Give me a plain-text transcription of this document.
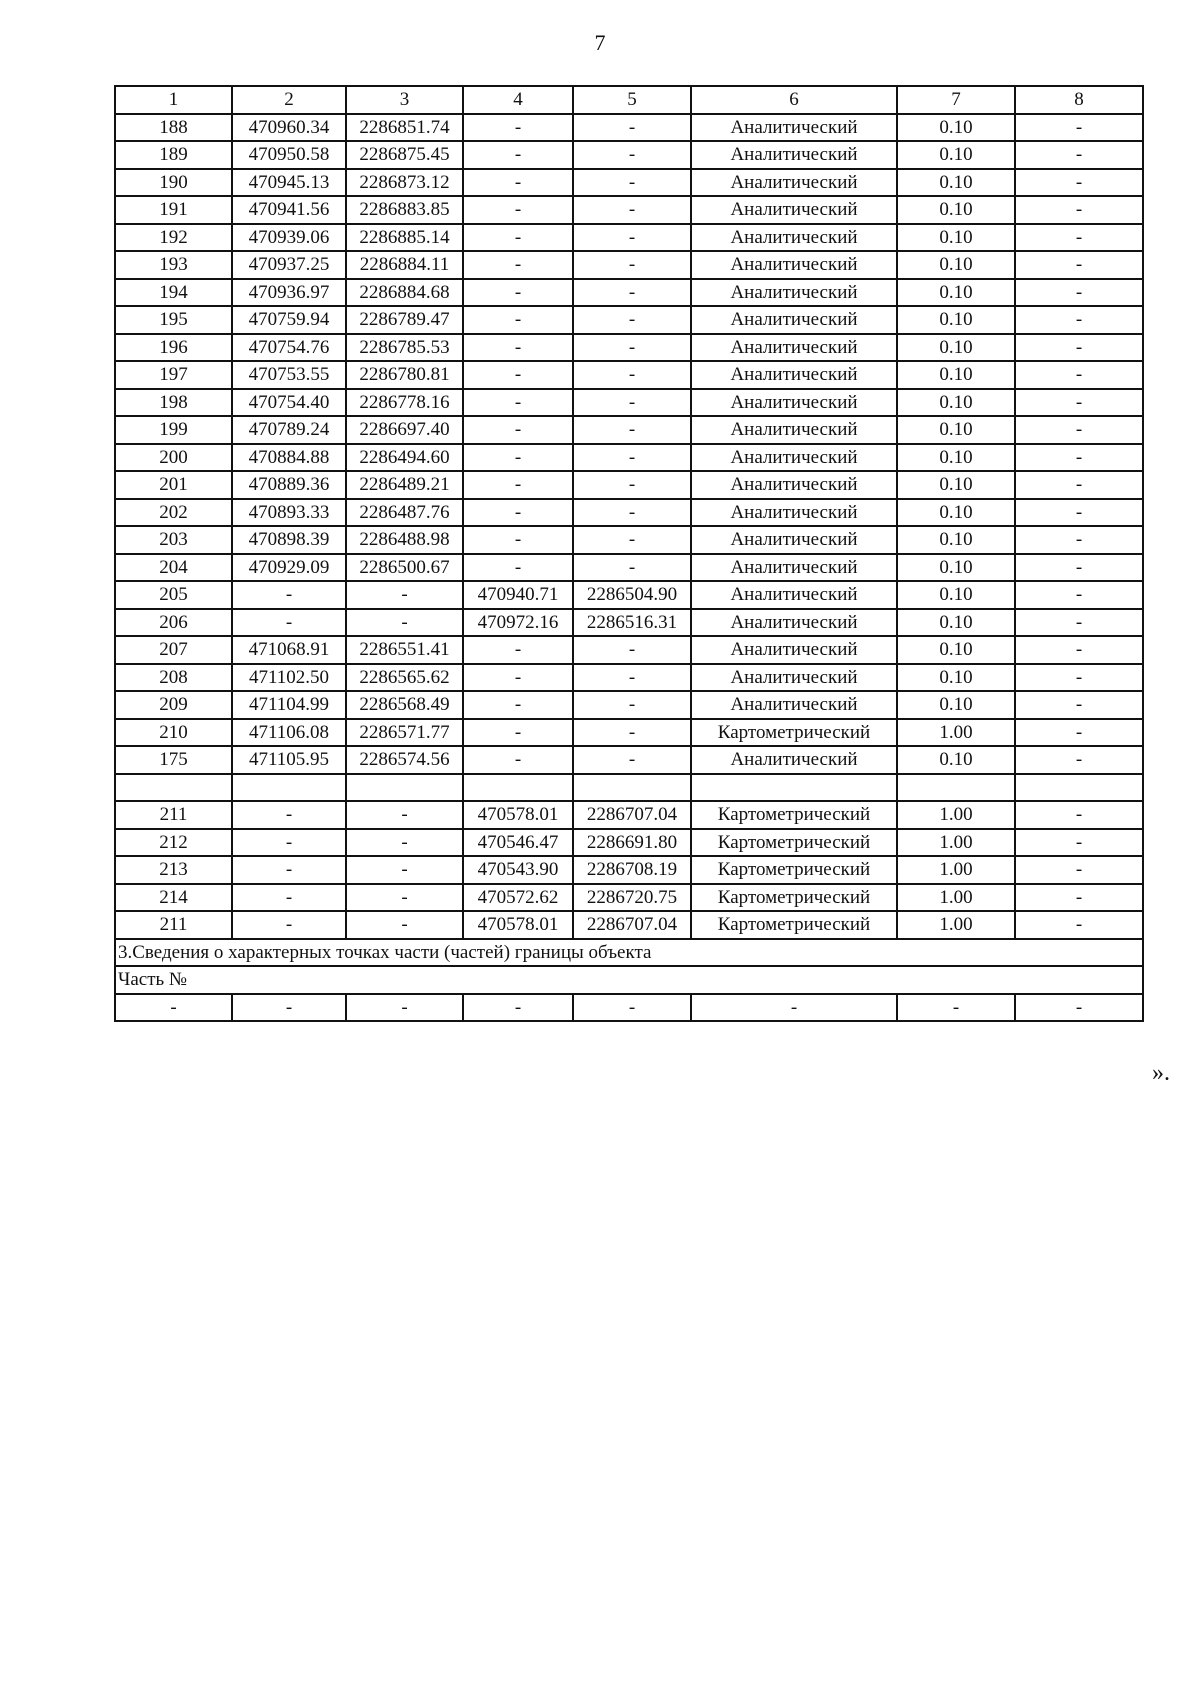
7
1	2	3	4	5	6	7	8
188	470960.34	2286851.74	-	-	Аналитический	0.10	-
189	470950.58	2286875.45	-	-	Аналитический	0.10	-
190	470945.13	2286873.12	-	-	Аналитический	0.10	-
191	470941.56	2286883.85	-	-	Аналитический	0.10	-
192	470939.06	2286885.14	-	-	Аналитический	0.10	-
193	470937.25	2286884.11	-	-	Аналитический	0.10	-
194	470936.97	2286884.68	-	-	Аналитический	0.10	-
195	470759.94	2286789.47	-	-	Аналитический	0.10	-
196	470754.76	2286785.53	-	-	Аналитический	0.10	-
197	470753.55	2286780.81	-	-	Аналитический	0.10	-
198	470754.40	2286778.16	-	-	Аналитический	0.10	-
199	470789.24	2286697.40	-	-	Аналитический	0.10	-
200	470884.88	2286494.60	-	-	Аналитический	0.10	-
201	470889.36	2286489.21	-	-	Аналитический	0.10	-
202	470893.33	2286487.76	-	-	Аналитический	0.10	-
203	470898.39	2286488.98	-	-	Аналитический	0.10	-
204	470929.09	2286500.67	-	-	Аналитический	0.10	-
205	-	-	470940.71	2286504.90	Аналитический	0.10	-
206	-	-	470972.16	2286516.31	Аналитический	0.10	-
207	471068.91	2286551.41	-	-	Аналитический	0.10	-
208	471102.50	2286565.62	-	-	Аналитический	0.10	-
209	471104.99	2286568.49	-	-	Аналитический	0.10	-
210	471106.08	2286571.77	-	-	Картометрический	1.00	-
175	471105.95	2286574.56	-	-	Аналитический	0.10	-

211	-	-	470578.01	2286707.04	Картометрический	1.00	-
212	-	-	470546.47	2286691.80	Картометрический	1.00	-
213	-	-	470543.90	2286708.19	Картометрический	1.00	-
214	-	-	470572.62	2286720.75	Картометрический	1.00	-
211	-	-	470578.01	2286707.04	Картометрический	1.00	-
3.Сведения о характерных точках части (частей) границы объекта							
Часть №							
-	-	-	-	-	-	-	-
».
